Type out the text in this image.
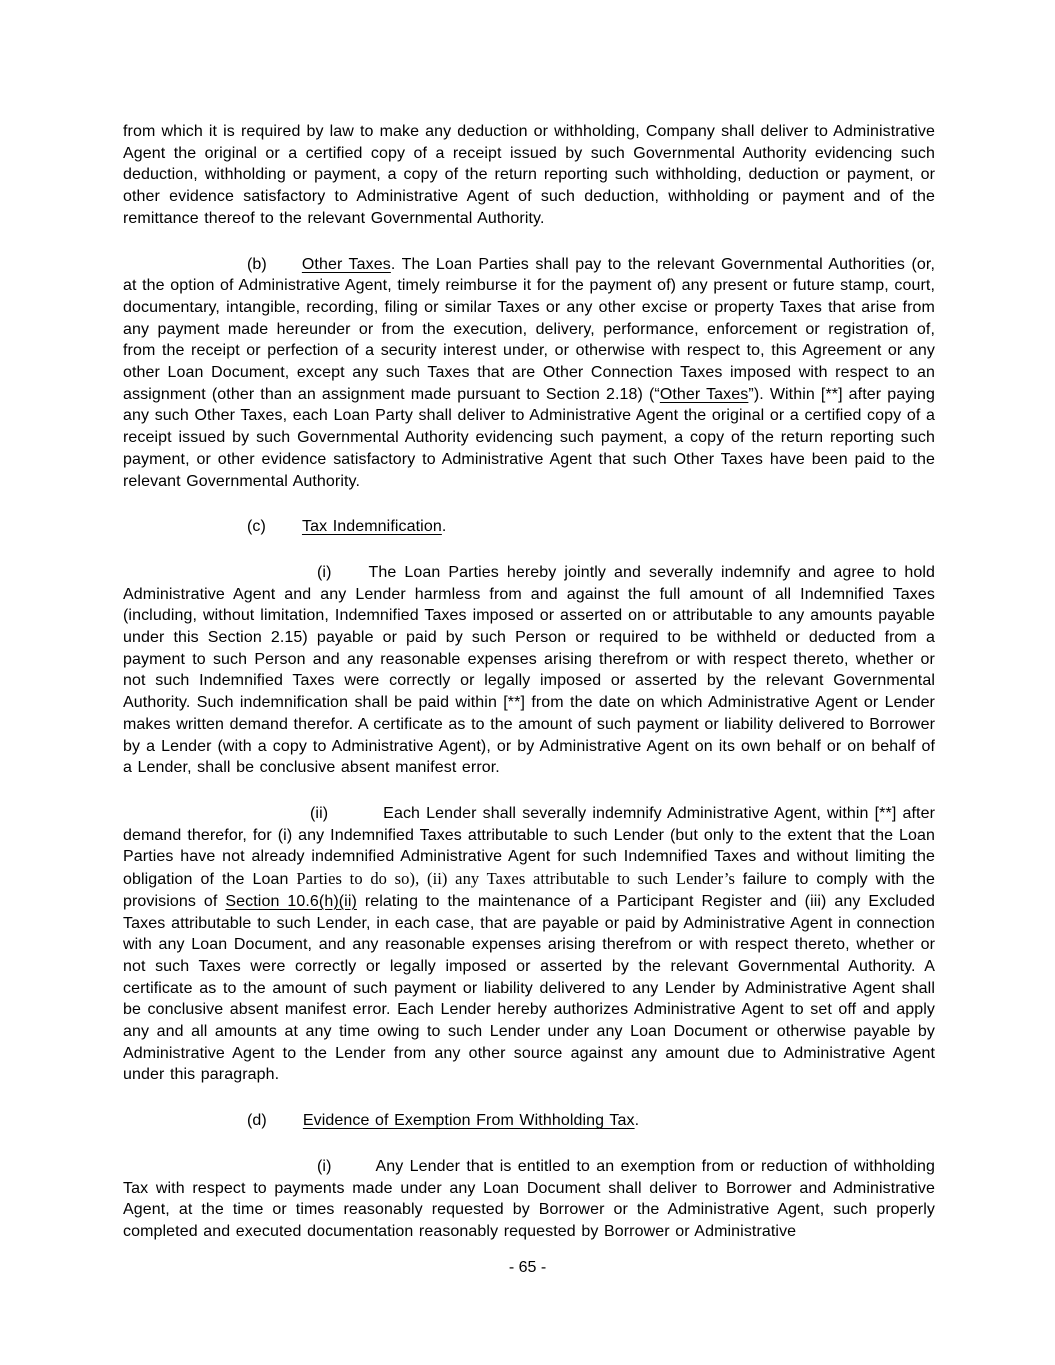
from which it is required by law to make any deduction or withholding, Company shall deliver to Administrative Agent the original or a certified copy of a receipt issued by such Governmental Authority evidencing such deduction, withholding or payment, a copy of the return reporting such withholding, deduction or payment, or other evidence satisfactory to Administrative Agent of such deduction, withholding or payment and of the remittance thereof to the relevant Governmental Authority.

(b) Other Taxes. The Loan Parties shall pay to the relevant Governmental Authorities (or, at the option of Administrative Agent, timely reimburse it for the payment of) any present or future stamp, court, documentary, intangible, recording, filing or similar Taxes or any other excise or property Taxes that arise from any payment made hereunder or from the execution, delivery, performance, enforcement or registration of, from the receipt or perfection of a security interest under, or otherwise with respect to, this Agreement or any other Loan Document, except any such Taxes that are Other Connection Taxes imposed with respect to an assignment (other than an assignment made pursuant to Section 2.18) (“Other Taxes”). Within [**] after paying any such Other Taxes, each Loan Party shall deliver to Administrative Agent the original or a certified copy of a receipt issued by such Governmental Authority evidencing such payment, a copy of the return reporting such payment, or other evidence satisfactory to Administrative Agent that such Other Taxes have been paid to the relevant Governmental Authority.

(c) Tax Indemnification.

(i) The Loan Parties hereby jointly and severally indemnify and agree to hold Administrative Agent and any Lender harmless from and against the full amount of all Indemnified Taxes (including, without limitation, Indemnified Taxes imposed or asserted on or attributable to any amounts payable under this Section 2.15) payable or paid by such Person or required to be withheld or deducted from a payment to such Person and any reasonable expenses arising therefrom or with respect thereto, whether or not such Indemnified Taxes were correctly or legally imposed or asserted by the relevant Governmental Authority. Such indemnification shall be paid within [**] from the date on which Administrative Agent or Lender makes written demand therefor. A certificate as to the amount of such payment or liability delivered to Borrower by a Lender (with a copy to Administrative Agent), or by Administrative Agent on its own behalf or on behalf of a Lender, shall be conclusive absent manifest error.

(ii)	Each Lender shall severally indemnify Administrative Agent, within [**] after demand therefor, for (i) any Indemnified Taxes attributable to such Lender (but only to the extent that the Loan Parties have not already indemnified Administrative Agent for such Indemnified Taxes and without limiting the obligation of the Loan Parties to do so), (ii) any Taxes attributable to such Lender’s failure to comply with the provisions of Section 10.6(h)(ii) relating to the maintenance of a Participant Register and (iii) any Excluded Taxes attributable to such Lender, in each case, that are payable or paid by Administrative Agent in connection with any Loan Document, and any reasonable expenses arising therefrom or with respect thereto, whether or not such Taxes were correctly or legally imposed or asserted by the relevant Governmental Authority. A certificate as to the amount of such payment or liability delivered to any Lender by Administrative Agent shall be conclusive absent manifest error. Each Lender hereby authorizes Administrative Agent to set off and apply any and all amounts at any time owing to such Lender under any Loan Document or otherwise payable by Administrative Agent to the Lender from any other source against any amount due to Administrative Agent under this paragraph.

(d) Evidence of Exemption From Withholding Tax.

(i)	Any Lender that is entitled to an exemption from or reduction of withholding Tax with respect to payments made under any Loan Document shall deliver to Borrower and Administrative Agent, at the time or times reasonably requested by Borrower or the Administrative Agent, such properly completed and executed documentation reasonably requested by Borrower or Administrative

- 65 -
